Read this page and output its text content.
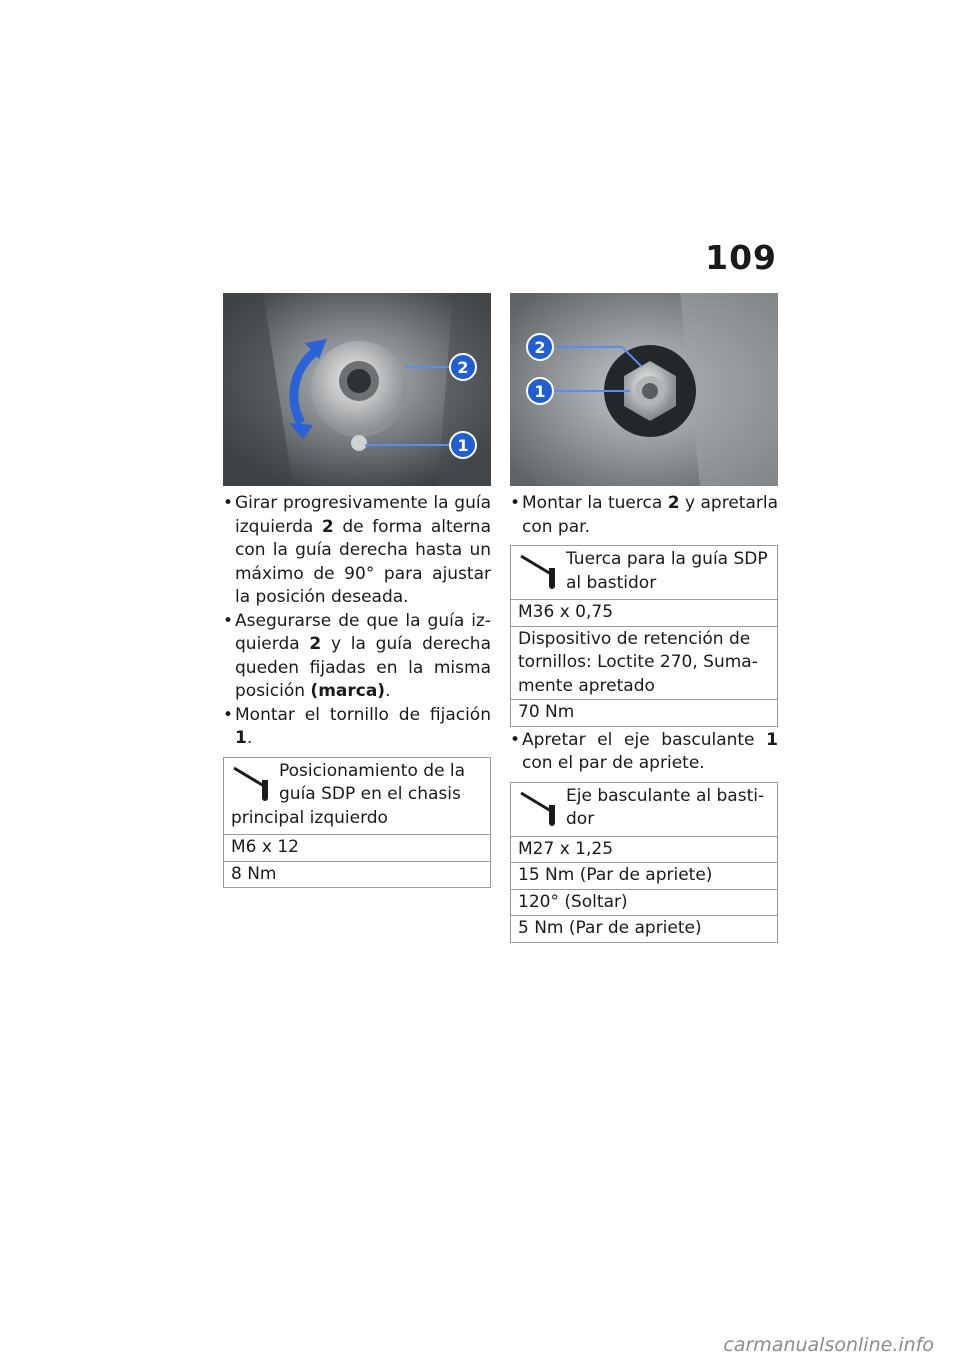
109
2
1
• Girar progresivamente la guía izquierda 2 de forma alterna con la guía derecha hasta un máximo de 90° para ajustar la posición deseada.
• Asegurarse de que la guía izquierda 2 y la guía derecha queden fijadas en la misma posición (marca).
• Montar el tornillo de fijación 1.
Posicionamiento de la guía SDP en el chasis principal izquierdo
M6 x 12
8 Nm
2
1
• Montar la tuerca 2 y apretarla con par.
Tuerca para la guía SDP al bastidor
M36 x 0,75
Dispositivo de retención de tornillos: Loctite 270, Sumamente apretado
70 Nm
• Apretar el eje basculante 1 con el par de apriete.
Eje basculante al bastidor
M27 x 1,25
15 Nm (Par de apriete)
120° (Soltar)
5 Nm (Par de apriete)
carmanualsonline.info
